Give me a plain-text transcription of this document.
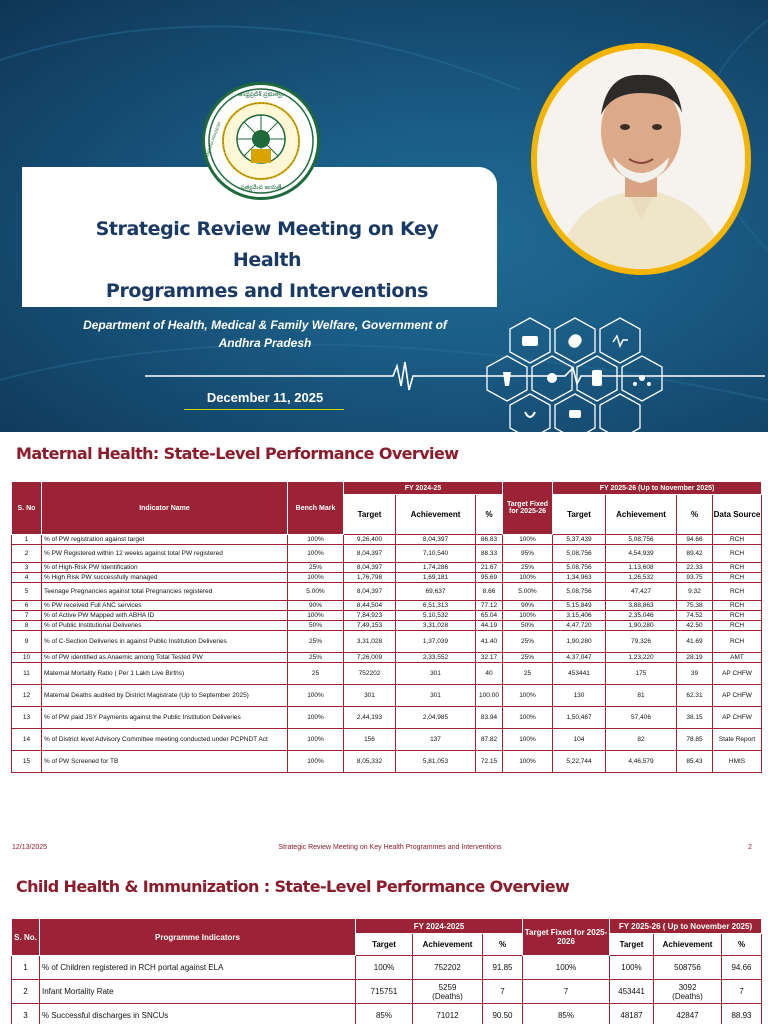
Strategic Review Meeting on Key Health
Programmes and Interventions
ఆంధ్రప్రదేశ్ ప్రభుత్వం
సత్యమేవ జయతే
ANDHRA PRADESH
Department of Health, Medical & Family Welfare, Government of
Andhra Pradesh
December 11, 2025
Maternal Health: State-Level Performance Overview
S. No	Indicator Name	Bench Mark	FY 2024-25			Target Fixed for 2025-26	FY 2025-26 (Up to November 2025)			
			Target	Achievement	%		Target	Achievement	%	Data Source
1	% of PW registration against target	100%	9,26,400	8,04,397	86.83	100%	5,37,439	5,08,756	94.66	RCH
2	% PW Registered within 12 weeks against total PW registered	100%	8,04,397	7,10,540	88.33	95%	5,08,756	4,54,939	89.42	RCH
3	% of High-Risk PW Identification	25%	8,04,397	1,74,286	21.67	25%	5,08,756	1,13,608	22.33	RCH
4	% High Risk PW successfully managed	100%	1,76,798	1,69,181	95.69	100%	1,34,963	1,26,532	93.75	RCH
5	Teenage Pregnancies against total Pregnancies registered	5.00%	8,04,397	69,637	8.66	5.00%	5,08,756	47,427	9.32	RCH
6	% PW received Full ANC services	90%	8,44,504	6,51,313	77.12	90%	5,15,849	3,88,863	75.38	RCH
7	% of Active PW Mapped with ABHA ID	100%	7,84,923	5,10,532	65.04	100%	3,15,406	2,35,046	74.52	RCH
8	% of Public Institutional Deliveries	50%	7,49,153	3,31,028	44.19	50%	4,47,720	1,90,280	42.50	RCH
9	% of C-Section Deliveries in against Public Institution Deliveries	25%	3,31,028	1,37,039	41.40	25%	1,90,280	79,326	41.69	RCH
10	% of PW identified as Anaemic among Total Tested PW	25%	7,26,009	2,33,552	32.17	25%	4,37,047	1,23,220	28.19	AMT
11	Maternal Mortality Ratio ( Per 1 Lakh Live Births)	25	752202	301	40	25	453441	175	39	AP CHFW
12	Maternal Deaths audited by District Magistrate (Up to September 2025)	100%	301	301	100.00	100%	130	81	62.31	AP CHFW
13	% of PW paid JSY Payments against the Public Institution Deliveries	100%	2,44,193	2,04,985	83.94	100%	1,50,467	57,406	38.15	AP CHFW
14	% of District level Advisory Committee meeting conducted under PCPNDT Act	100%	156	137	87.82	100%	104	82	78.85	State Report
15	% of PW Screened for TB	100%	8,05,332	5,81,053	72.15	100%	5,22,744	4,46,579	85.43	HMIS
12/13/2025	Strategic Review Meeting on Key Health Programmes and Interventions	2
Child Health & Immunization : State-Level Performance Overview
S. No.	Programme Indicators	FY 2024-2025			Target Fixed for 2025-2026	FY 2025-26 ( Up to November 2025)		
		Target	Achievement	%		Target	Achievement	%
1	% of Children registered in RCH portal against ELA	100%	752202	91.85	100%	100%	508756	94.66
2	Infant Mortality Rate	715751	5259
(Deaths)	7	7	453441	3092
(Deaths)	7
3	% Successful discharges in SNCUs	85%	71012	90.50	85%	48187	42847	88.93
